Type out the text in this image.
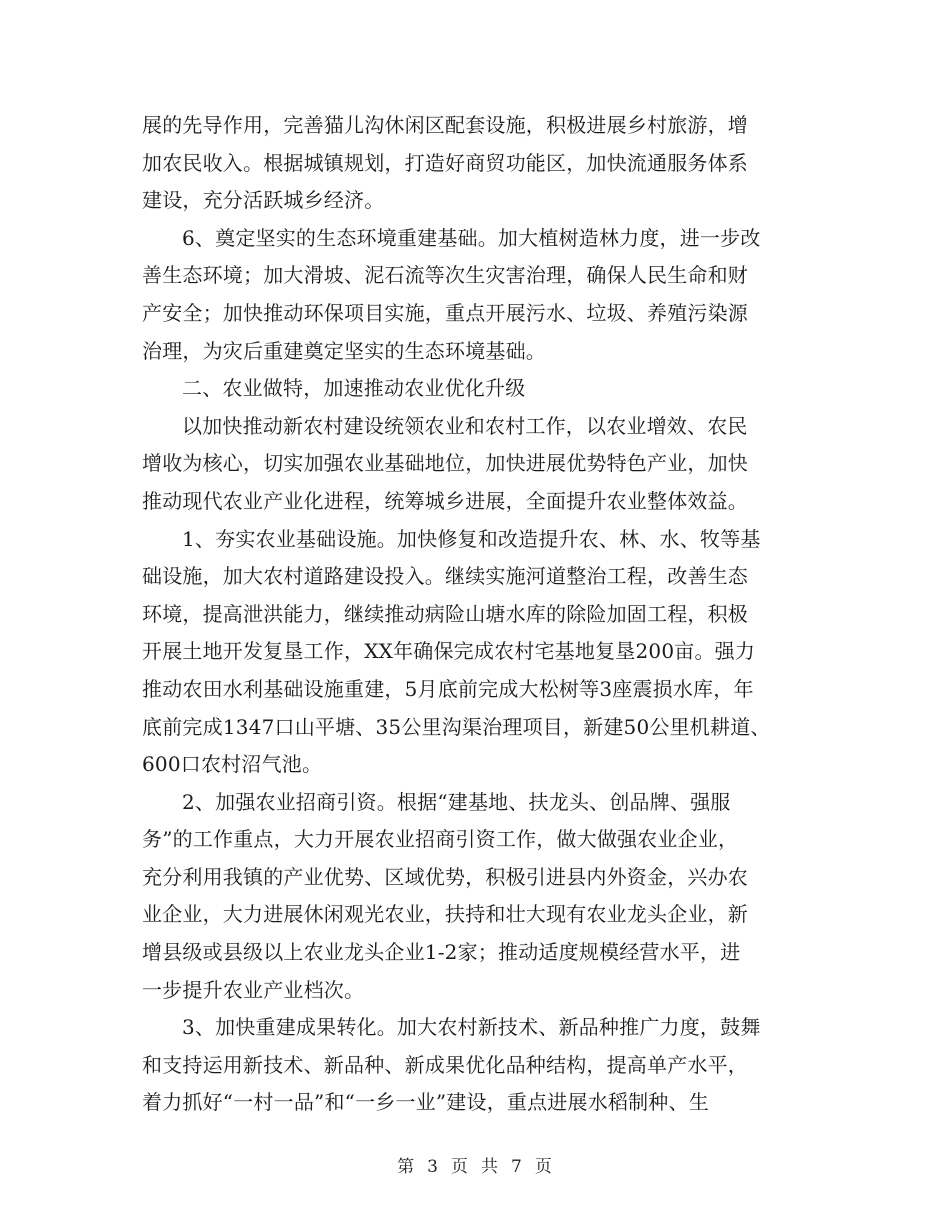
展的先导作用，完善猫儿沟休闲区配套设施，积极进展乡村旅游，增
加农民收入。根据城镇规划，打造好商贸功能区，加快流通服务体系
建设，充分活跃城乡经济。
6、奠定坚实的生态环境重建基础。加大植树造林力度，进一步改
善生态环境；加大滑坡、泥石流等次生灾害治理，确保人民生命和财
产安全；加快推动环保项目实施，重点开展污水、垃圾、养殖污染源
治理，为灾后重建奠定坚实的生态环境基础。
二、农业做特，加速推动农业优化升级
以加快推动新农村建设统领农业和农村工作，以农业增效、农民
增收为核心，切实加强农业基础地位，加快进展优势特色产业，加快
推动现代农业产业化进程，统筹城乡进展，全面提升农业整体效益。
1、夯实农业基础设施。加快修复和改造提升农、林、水、牧等基
础设施，加大农村道路建设投入。继续实施河道整治工程，改善生态
环境，提高泄洪能力，继续推动病险山塘水库的除险加固工程，积极
开展土地开发复垦工作，XX年确保完成农村宅基地复垦200亩。强力
推动农田水利基础设施重建，5月底前完成大松树等3座震损水库，年
底前完成1347口山平塘、35公里沟渠治理项目，新建50公里机耕道、
600口农村沼气池。
2、加强农业招商引资。根据“建基地、扶龙头、创品牌、强服
务”的工作重点，大力开展农业招商引资工作，做大做强农业企业，
充分利用我镇的产业优势、区域优势，积极引进县内外资金，兴办农
业企业，大力进展休闲观光农业，扶持和壮大现有农业龙头企业，新
增县级或县级以上农业龙头企业1-2家；推动适度规模经营水平，进
一步提升农业产业档次。
3、加快重建成果转化。加大农村新技术、新品种推广力度，鼓舞
和支持运用新技术、新品种、新成果优化品种结构，提高单产水平，
着力抓好“一村一品”和“一乡一业”建设，重点进展水稻制种、生
第 3 页 共 7 页
